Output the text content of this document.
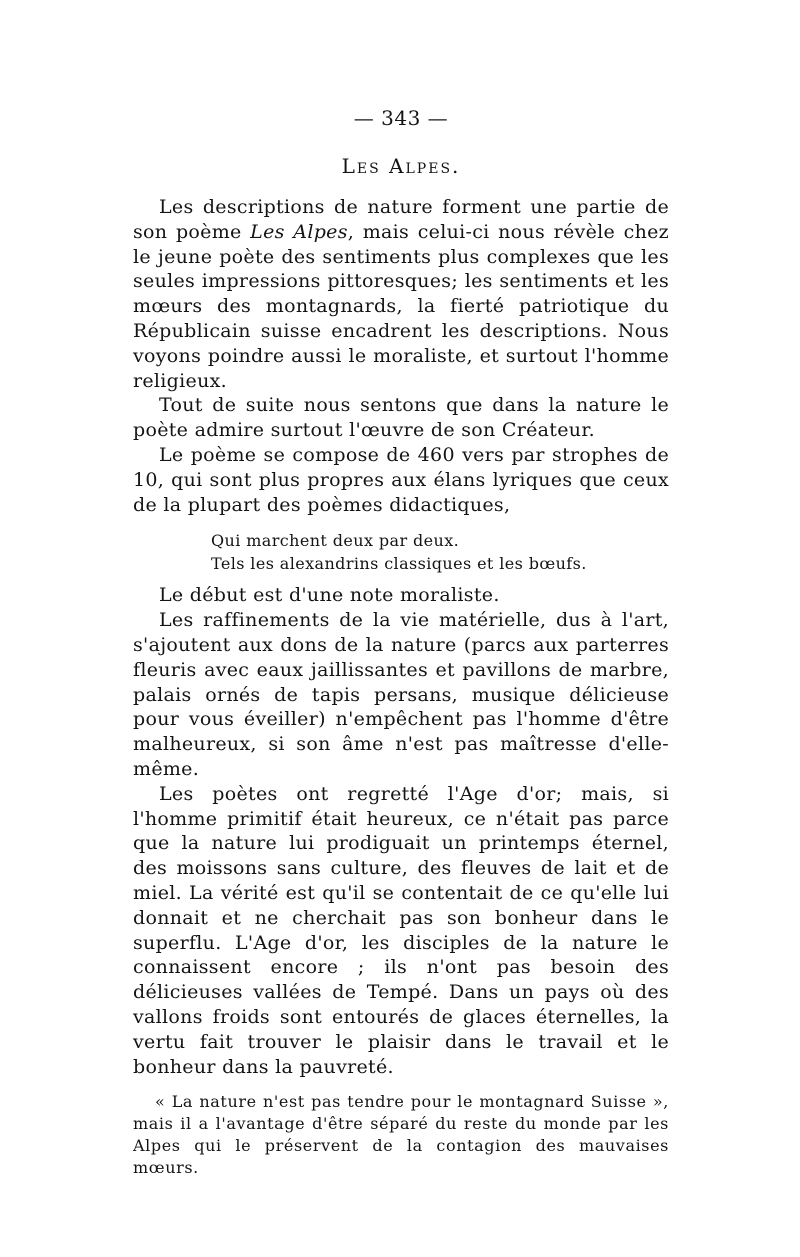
— 343 —
Les Alpes.

Les descriptions de nature forment une partie de son poème Les Alpes, mais celui-ci nous révèle chez le jeune poète des sentiments plus complexes que les seules impressions pittoresques; les sentiments et les mœurs des montagnards, la fierté patriotique du Républicain suisse encadrent les descriptions. Nous voyons poindre aussi le moraliste, et surtout l'homme religieux.

Tout de suite nous sentons que dans la nature le poète admire surtout l'œuvre de son Créateur.

Le poème se compose de 460 vers par strophes de 10, qui sont plus propres aux élans lyriques que ceux de la plupart des poèmes didactiques,

Qui marchent deux par deux.
Tels les alexandrins classiques et les bœufs.

Le début est d'une note moraliste.

Les raffinements de la vie matérielle, dus à l'art, s'ajoutent aux dons de la nature (parcs aux parterres fleuris avec eaux jaillissantes et pavillons de marbre, palais ornés de tapis persans, musique délicieuse pour vous éveiller) n'empêchent pas l'homme d'être malheureux, si son âme n'est pas maîtresse d'elle-même.

Les poètes ont regretté l'Age d'or; mais, si l'homme primitif était heureux, ce n'était pas parce que la nature lui prodiguait un printemps éternel, des moissons sans culture, des fleuves de lait et de miel. La vérité est qu'il se contentait de ce qu'elle lui donnait et ne cherchait pas son bonheur dans le superflu. L'Age d'or, les disciples de la nature le connaissent encore ; ils n'ont pas besoin des délicieuses vallées de Tempé. Dans un pays où des vallons froids sont entourés de glaces éternelles, la vertu fait trouver le plaisir dans le travail et le bonheur dans la pauvreté.

« La nature n'est pas tendre pour le montagnard Suisse », mais il a l'avantage d'être séparé du reste du monde par les Alpes qui le préservent de la contagion des mauvaises mœurs.
